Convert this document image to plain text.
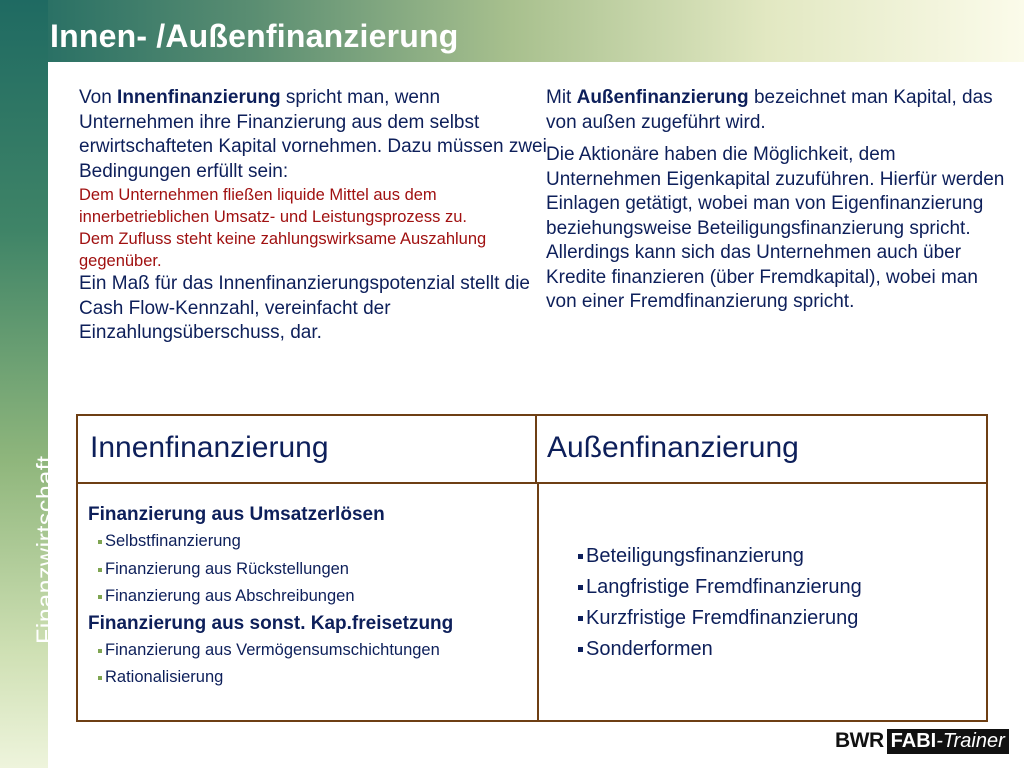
Innen- /Außenfinanzierung
Finanzwirtschaft
Von Innenfinanzierung spricht man, wenn Unternehmen ihre Finanzierung aus dem selbst erwirtschafteten Kapital vornehmen. Dazu müssen zwei Bedingungen erfüllt sein:
Dem Unternehmen fließen liquide Mittel aus dem innerbetrieblichen Umsatz- und Leistungsprozess zu.
Dem Zufluss steht keine zahlungswirksame Auszahlung gegenüber.
Ein Maß für das Innenfinanzierungspotenzial stellt die Cash Flow-Kennzahl, vereinfacht der Einzahlungsüberschuss, dar.

Mit Außenfinanzierung bezeichnet man Kapital, das von außen zugeführt wird.

Die Aktionäre haben die Möglichkeit, dem Unternehmen Eigenkapital zuzuführen. Hierfür werden Einlagen getätigt, wobei man von Eigenfinanzierung beziehungsweise Beteiligungsfinanzierung spricht. Allerdings kann sich das Unternehmen auch über Kredite finanzieren (über Fremdkapital), wobei man von einer Fremdfinanzierung spricht.

Innenfinanzierung	Außenfinanzierung
Finanzierung aus Umsatzerlösen
Selbstfinanzierung
Finanzierung aus Rückstellungen
Finanzierung aus Abschreibungen
Finanzierung aus sonst. Kap.freisetzung
Finanzierung aus Vermögensumschichtungen
Rationalisierung
Beteiligungsfinanzierung
Langfristige Fremdfinanzierung
Kurzfristige Fremdfinanzierung
Sonderformen
BWR FABI -Trainer
